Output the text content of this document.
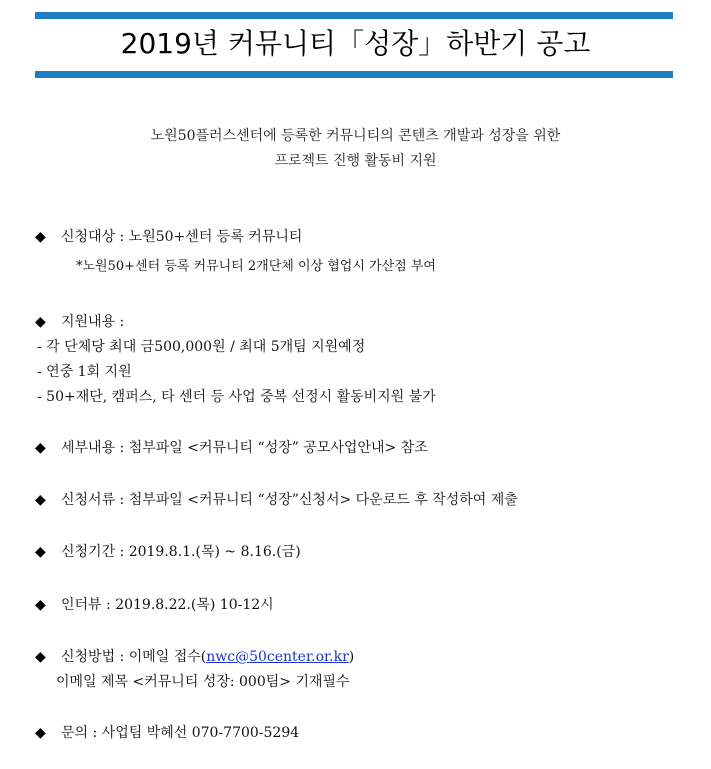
2019년 커뮤니티「성장」하반기 공고
노원50플러스센터에 등록한 커뮤니티의 콘텐츠 개발과 성장을 위한
프로젝트 진행 활동비 지원
◆ 신청대상 : 노원50+센터 등록 커뮤니티
*노원50+센터 등록 커뮤니티 2개단체 이상 협업시 가산점 부여
◆ 지원내용 :
- 각 단체당 최대 금500,000원 / 최대 5개팀 지원예정
- 연중 1회 지원
- 50+재단, 캠퍼스, 타 센터 등 사업 중복 선정시 활동비지원 불가
◆ 세부내용 : 첨부파일 <커뮤니티 “성장” 공모사업안내> 참조
◆ 신청서류 : 첨부파일 <커뮤니티 “성장”신청서> 다운로드 후 작성하여 제출
◆ 신청기간 : 2019.8.1.(목) ~ 8.16.(금)
◆ 인터뷰 : 2019.8.22.(목) 10-12시
◆ 신청방법 : 이메일 접수(nwc@50center.or.kr)
이메일 제목 <커뮤니티 성장: 000팀> 기재필수
◆ 문의 : 사업팀 박혜선 070-7700-5294
